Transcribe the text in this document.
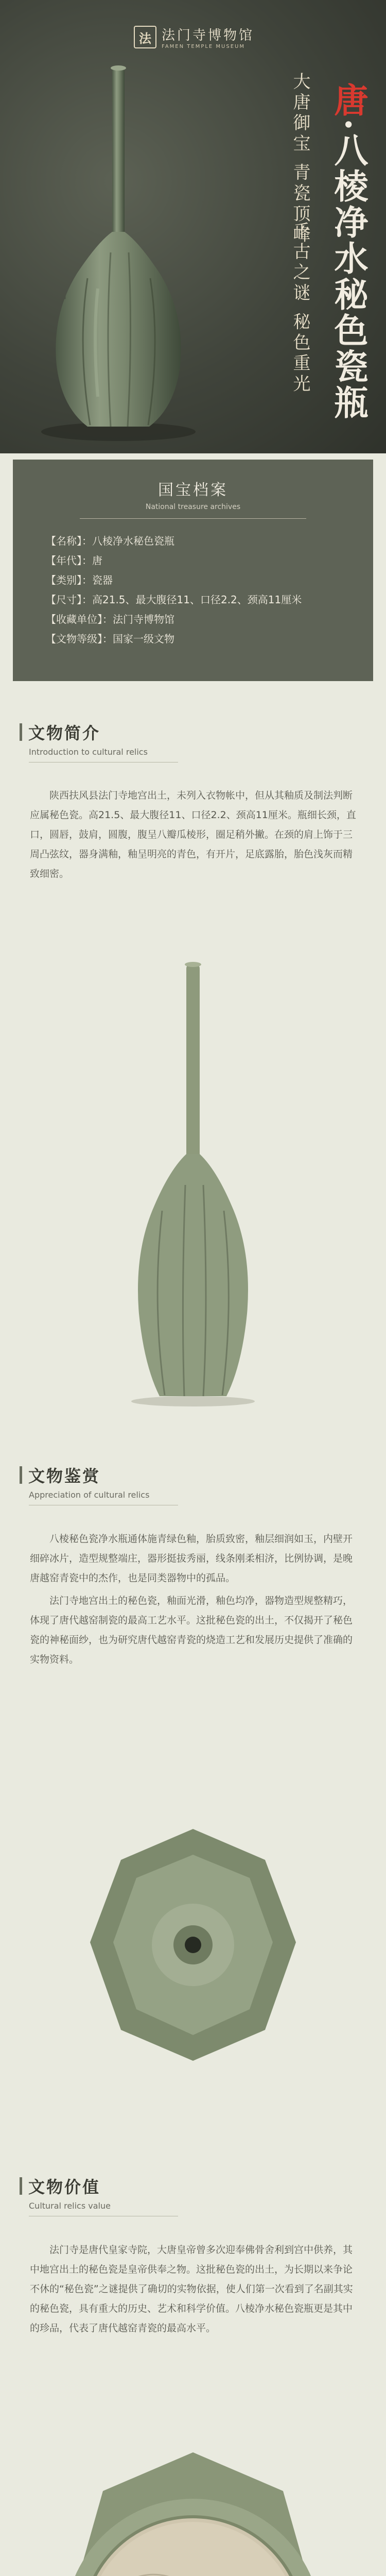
法 法门寺博物馆
FAMEN TEMPLE MUSEUM
唐·八棱净水秘色瓷瓶
大唐御宝 青瓷顶峰
千古之谜 秘色重光
国宝档案
National treasure archives
【名称】：八棱净水秘色瓷瓶
【年代】：唐
【类别】：瓷器
【尺寸】：高21.5、最大腹径11、口径2.2、颈高11厘米
【收藏单位】：法门寺博物馆
【文物等级】：国家一级文物
文物简介
Introduction to cultural relics

陕西扶风县法门寺地宫出土，未列入衣物帐中，但从其釉质及制法判断应属秘色瓷。高21.5、最大腹径11、口径2.2、颈高11厘米。瓶细长颈，直口，圆唇，鼓肩，圆腹，腹呈八瓣瓜棱形，圈足稍外撇。在颈的肩上饰于三周凸弦纹，器身满釉，釉呈明亮的青色，有开片，足底露胎，胎色浅灰而精致细密。

文物鉴赏
Appreciation of cultural relics

八棱秘色瓷净水瓶通体施青绿色釉，胎质致密，釉层细润如玉，内壁开细碎冰片，造型规整端庄，器形挺拔秀丽，线条刚柔相济，比例协调，是晚唐越窑青瓷中的杰作，也是同类器物中的孤品。

法门寺地宫出土的秘色瓷，釉面光滑，釉色均净，器物造型规整精巧，体现了唐代越窑制瓷的最高工艺水平。这批秘色瓷的出土，不仅揭开了秘色瓷的神秘面纱，也为研究唐代越窑青瓷的烧造工艺和发展历史提供了准确的实物资料。

文物价值
Cultural relics value

法门寺是唐代皇家寺院，大唐皇帝曾多次迎奉佛骨舍利到宫中供养，其中地宫出土的秘色瓷是皇帝供奉之物。这批秘色瓷的出土，为长期以来争论不休的“秘色瓷”之谜提供了确切的实物依据，使人们第一次看到了名副其实的秘色瓷，具有重大的历史、艺术和科学价值。八棱净水秘色瓷瓶更是其中的珍品，代表了唐代越窑青瓷的最高水平。
